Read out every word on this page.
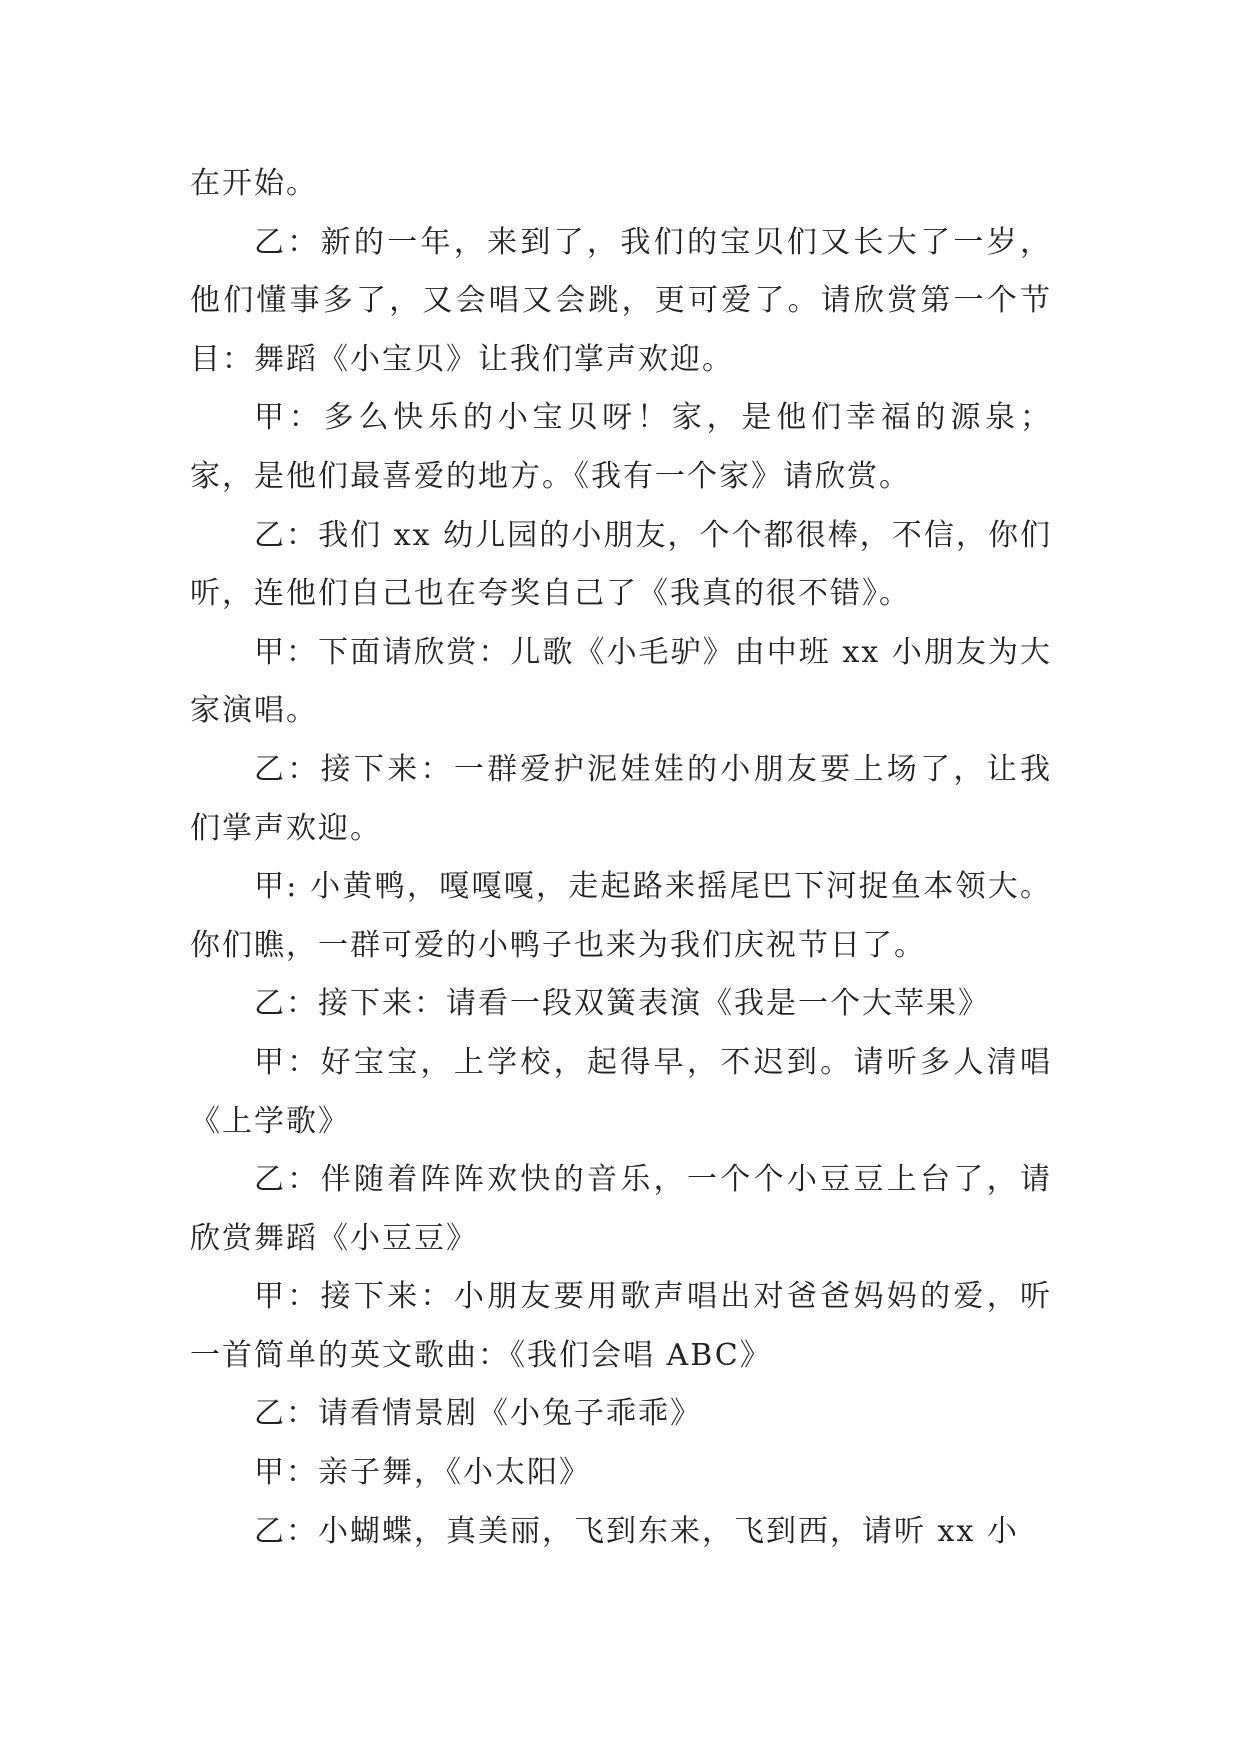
在开始。

乙：新的一年，来到了，我们的宝贝们又长大了一岁，他们懂事多了，又会唱又会跳，更可爱了。请欣赏第一个节目：舞蹈《小宝贝》让我们掌声欢迎。

甲：多么快乐的小宝贝呀！家，是他们幸福的源泉；家，是他们最喜爱的地方。《我有一个家》请欣赏。

乙：我们 xx 幼儿园的小朋友，个个都很棒，不信，你们听，连他们自己也在夸奖自己了《我真的很不错》。

甲：下面请欣赏：儿歌《小毛驴》由中班 xx 小朋友为大家演唱。

乙：接下来：一群爱护泥娃娃的小朋友要上场了，让我们掌声欢迎。

甲: 小黄鸭，嘎嘎嘎，走起路来摇尾巴下河捉鱼本领大。你们瞧，一群可爱的小鸭子也来为我们庆祝节日了。

乙：接下来：请看一段双簧表演《我是一个大苹果》

甲：好宝宝，上学校，起得早，不迟到。请听多人清唱《上学歌》

乙：伴随着阵阵欢快的音乐，一个个小豆豆上台了，请欣赏舞蹈《小豆豆》

甲：接下来：小朋友要用歌声唱出对爸爸妈妈的爱，听一首简单的英文歌曲：《我们会唱 ABC》

乙：请看情景剧《小兔子乖乖》

甲：亲子舞，《小太阳》

乙：小蝴蝶，真美丽，飞到东来，飞到西，请听 xx 小
